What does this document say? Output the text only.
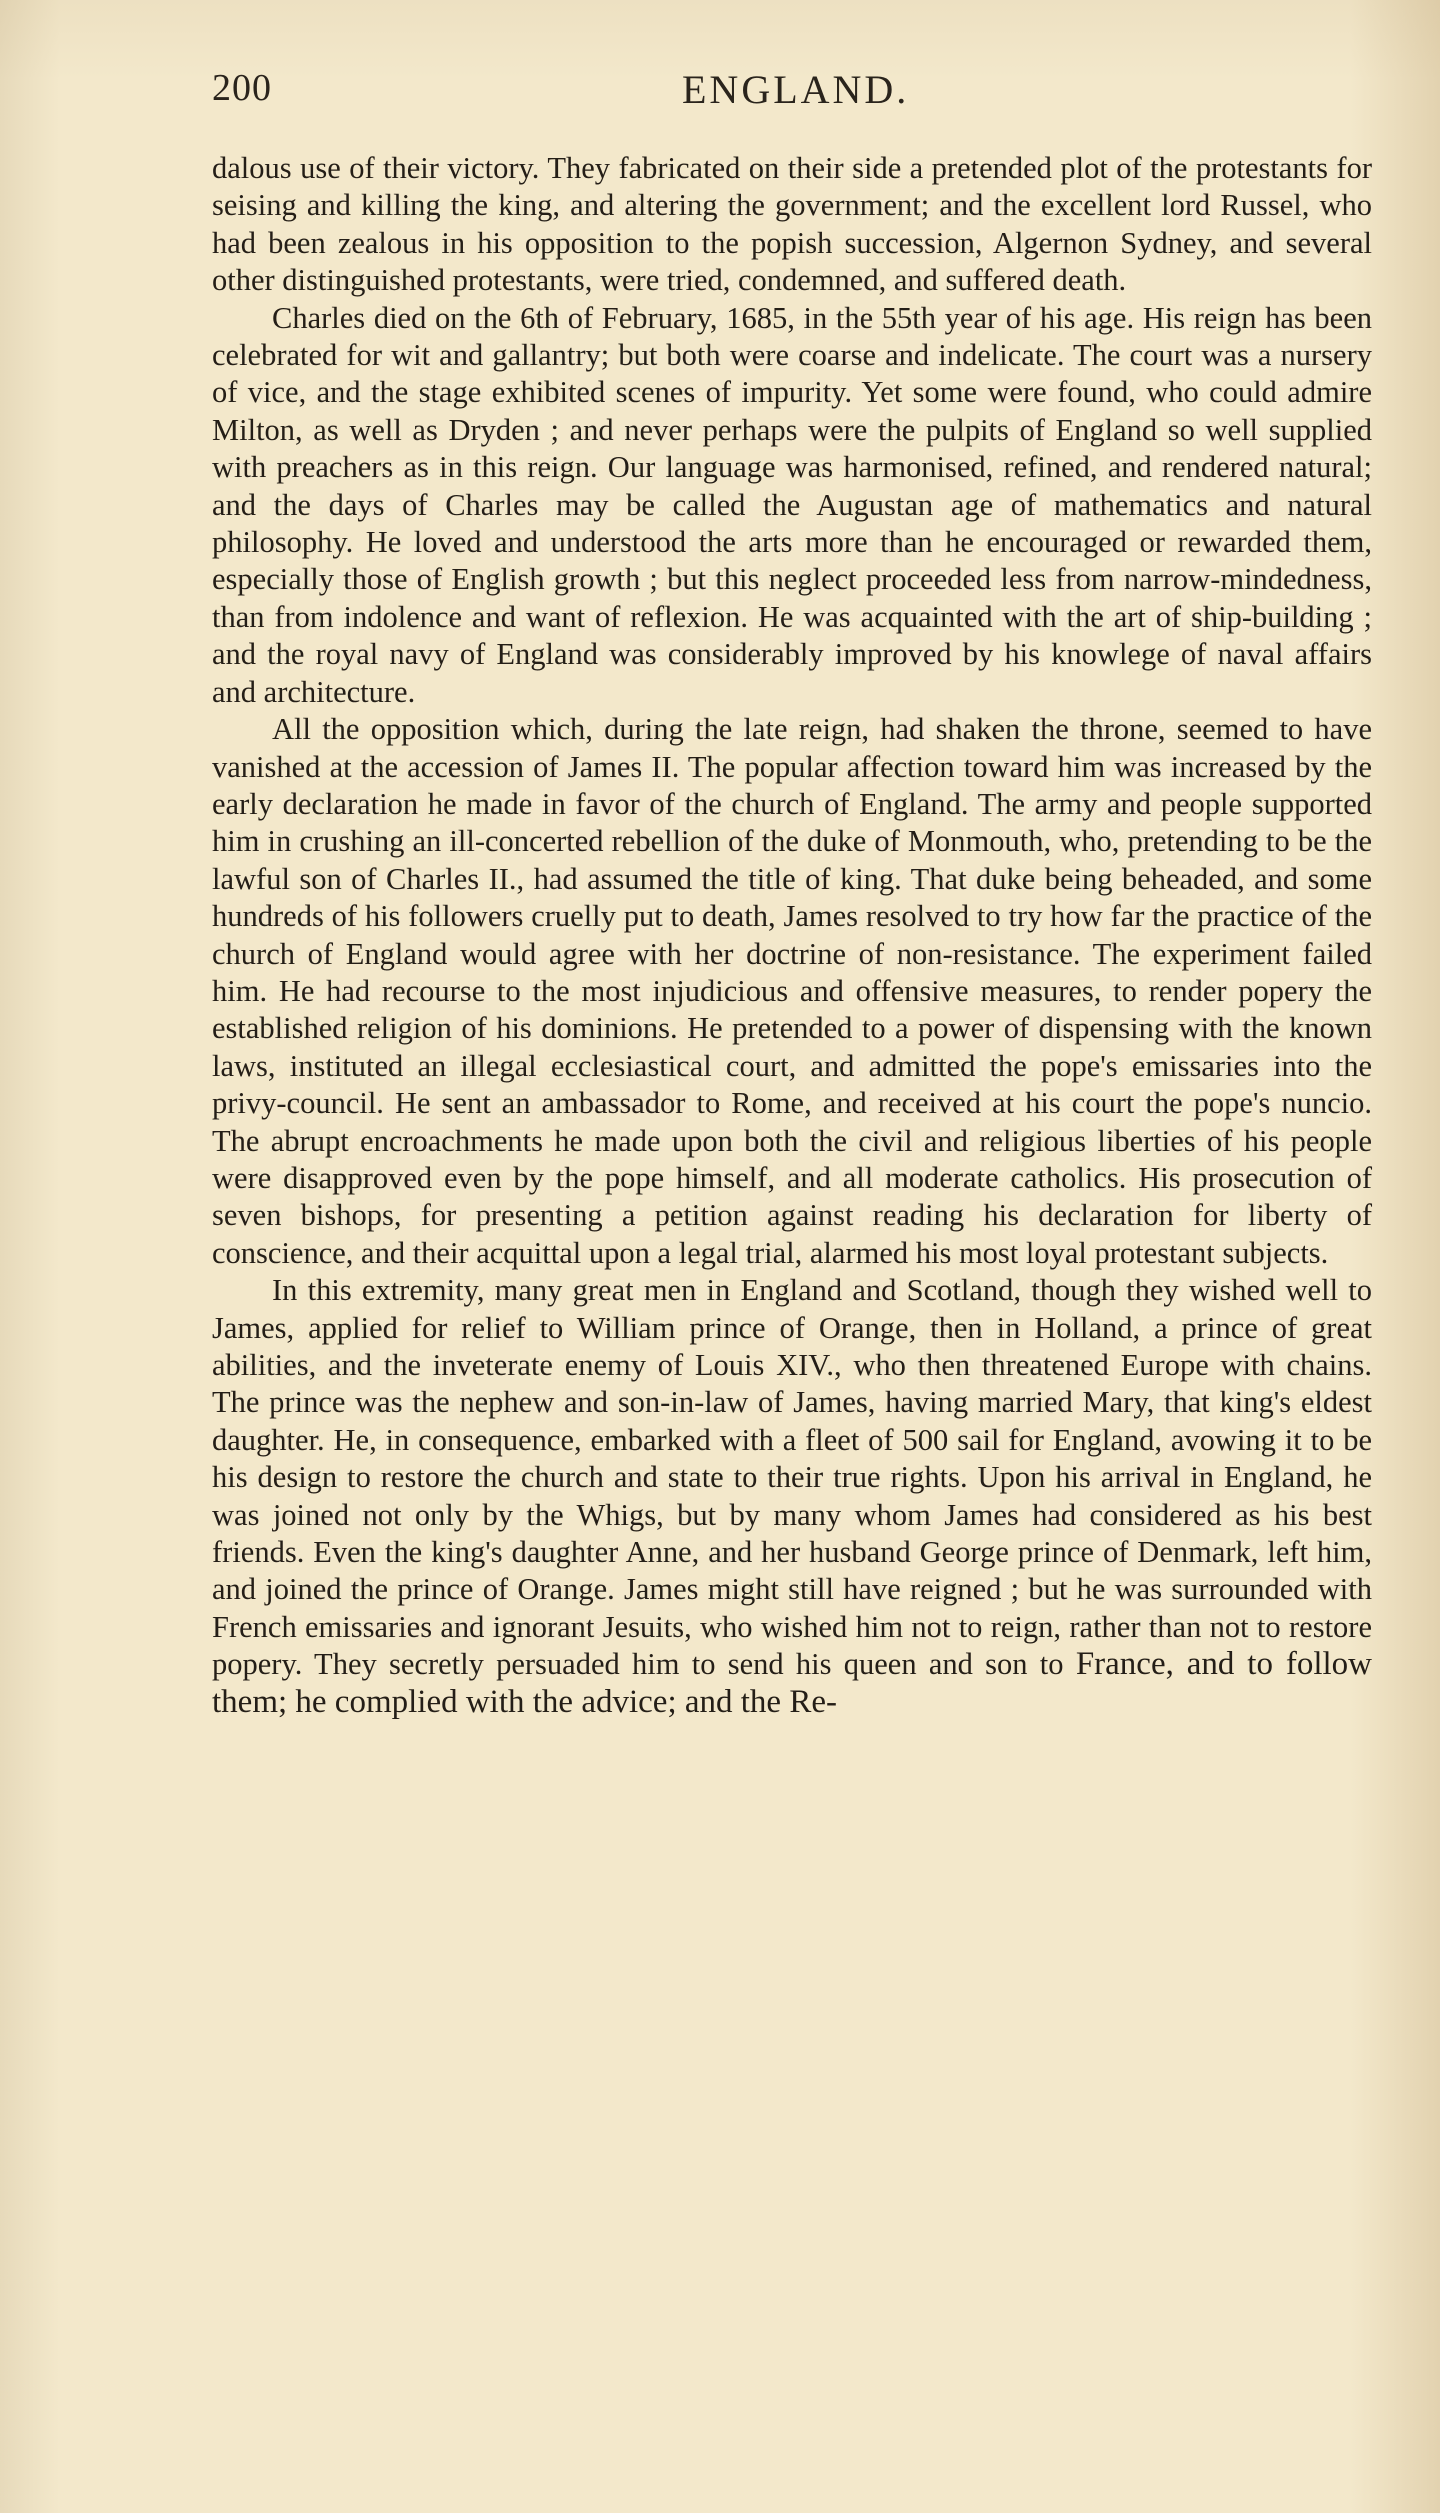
200	ENGLAND.

dalous use of their victory. They fabricated on their side a pretended plot of the protestants for seising and killing the king, and altering the government; and the excellent lord Russel, who had been zealous in his opposition to the popish succession, Algernon Sydney, and several other distinguished protestants, were tried, condemned, and suffered death.

Charles died on the 6th of February, 1685, in the 55th year of his age. His reign has been celebrated for wit and gallantry; but both were coarse and indelicate. The court was a nursery of vice, and the stage exhibited scenes of impurity. Yet some were found, who could admire Milton, as well as Dryden ; and never perhaps were the pulpits of England so well supplied with preachers as in this reign. Our language was harmonised, refined, and rendered natural; and the days of Charles may be called the Augustan age of mathematics and natural philosophy. He loved and understood the arts more than he encouraged or rewarded them, especially those of English growth ; but this neglect proceeded less from narrow-mindedness, than from indolence and want of reflexion. He was acquainted with the art of ship-building ; and the royal navy of England was considerably improved by his knowlege of naval affairs and architecture.

All the opposition which, during the late reign, had shaken the throne, seemed to have vanished at the accession of James II. The popular affection toward him was increased by the early declaration he made in favor of the church of England. The army and people supported him in crushing an ill-concerted rebellion of the duke of Monmouth, who, pretending to be the lawful son of Charles II., had assumed the title of king. That duke being beheaded, and some hundreds of his followers cruelly put to death, James resolved to try how far the practice of the church of England would agree with her doctrine of non-resistance. The experiment failed him. He had recourse to the most injudicious and offensive measures, to render popery the established religion of his dominions. He pretended to a power of dispensing with the known laws, instituted an illegal ecclesiastical court, and admitted the pope's emissaries into the privy-council. He sent an ambassador to Rome, and received at his court the pope's nuncio. The abrupt encroachments he made upon both the civil and religious liberties of his people were disapproved even by the pope himself, and all moderate catholics. His prosecution of seven bishops, for presenting a petition against reading his declaration for liberty of conscience, and their acquittal upon a legal trial, alarmed his most loyal protestant subjects.

In this extremity, many great men in England and Scotland, though they wished well to James, applied for relief to William prince of Orange, then in Holland, a prince of great abilities, and the inveterate enemy of Louis XIV., who then threatened Europe with chains. The prince was the nephew and son-in-law of James, having married Mary, that king's eldest daughter. He, in consequence, embarked with a fleet of 500 sail for England, avowing it to be his design to restore the church and state to their true rights. Upon his arrival in England, he was joined not only by the Whigs, but by many whom James had considered as his best friends. Even the king's daughter Anne, and her husband George prince of Denmark, left him, and joined the prince of Orange. James might still have reigned ; but he was surrounded with French emissaries and ignorant Jesuits, who wished him not to reign, rather than not to restore popery. They secretly persuaded him to send his queen and son to France, and to follow them; he complied with the advice; and the Re-
